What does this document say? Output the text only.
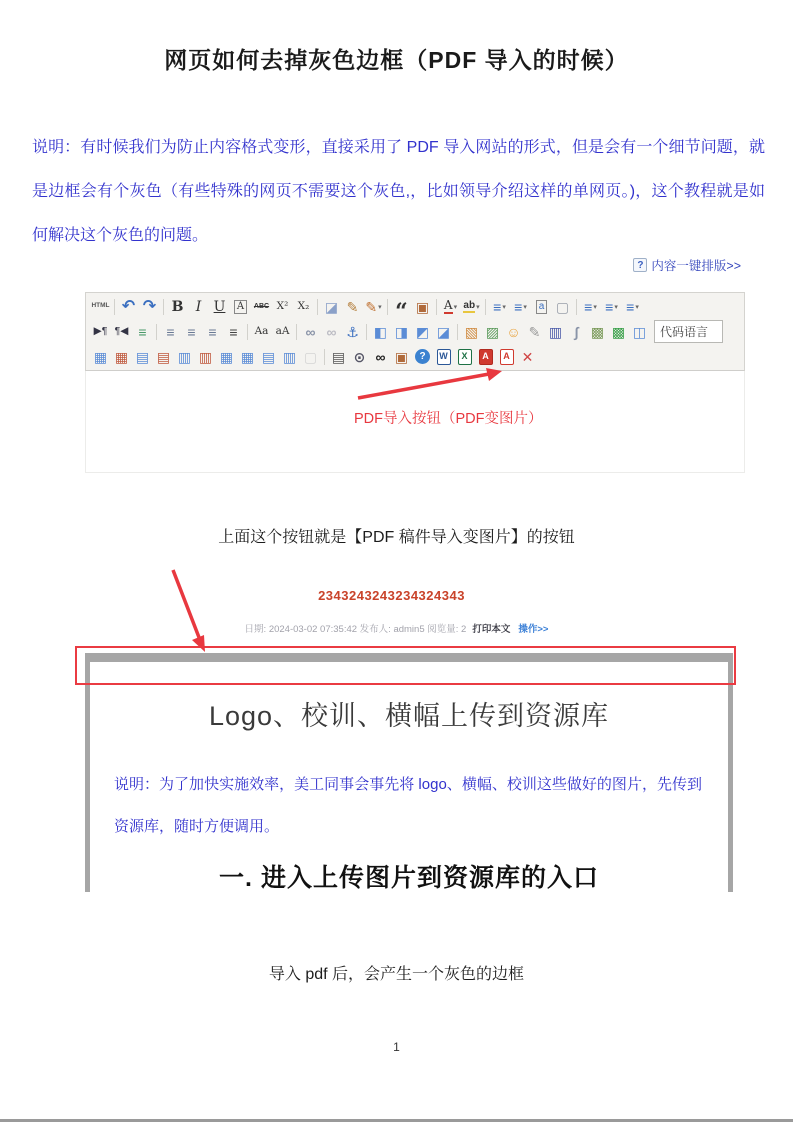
网页如何去掉灰色边框（PDF 导入的时候）
说明：有时候我们为防止内容格式变形，直接采用了 PDF 导入网站的形式，但是会有一个细节问题，就是边框会有个灰色（有些特殊的网页不需要这个灰色,，比如领导介绍这样的单网页。)，这个教程就是如何解决这个灰色的问题。
? 内容一键排版>>
HTML ↶ ↷ B I U	A	ABC X² X₂ ◪ ✎ ✎ ▾ “ ▣ A ▾ ab ▾ ≡ ▾ ≡ ▾	a ▢ ≡ ▾ ≡ ▾ ≡ ▾
▶¶ ¶◀ ≡ ≡ ≡ ≡ ≡ Aa aA ∞ ∞ ⚓ ◧ ◨ ◩ ◪ ▧ ▨ ☺ ✎ ▥ ∫ ▩ ▩ ◫	代码语言
▦ ▦ ▤ ▤ ▥ ▥ ▦ ▦ ▤ ▥ ▢ ▤ ⊙ ∞ ▣	?	W	X	A	A ✕
PDF导入按钮（PDF变图片）
上面这个按钮就是【PDF 稿件导入变图片】的按钮
2343243243234324343
日期: 2024-03-02 07:35:42 发布人: admin5 阅览量: 2 打印本文 操作>>
Logo、校训、横幅上传到资源库
说明：为了加快实施效率，美工同事会事先将 logo、横幅、校训这些做好的图片，先传到资源库，随时方便调用。
一. 进入上传图片到资源库的入口
导入 pdf 后，会产生一个灰色的边框
1
